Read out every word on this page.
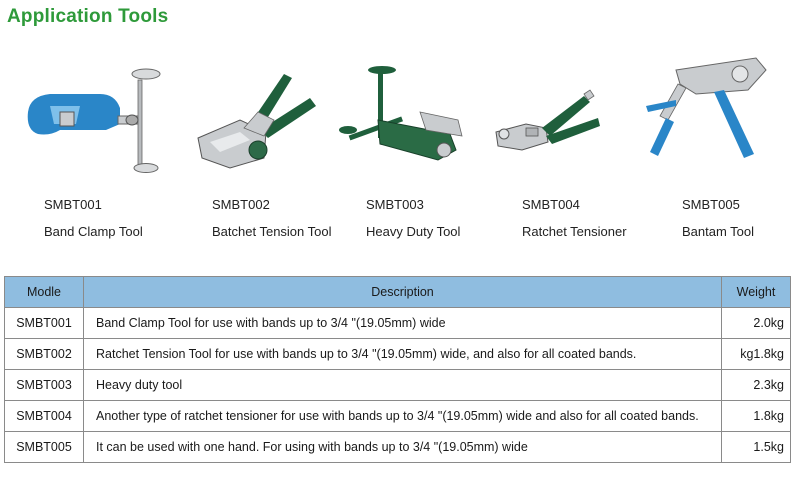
Application Tools
SMBT001
Band Clamp Tool
SMBT002
Batchet Tension Tool
SMBT003
Heavy Duty Tool
SMBT004
Ratchet Tensioner
SMBT005
Bantam Tool
Modle	Description	Weight
SMBT001	Band Clamp Tool for use with bands up to 3/4 "(19.05mm) wide	2.0kg
SMBT002	Ratchet Tension Tool for use with bands up to 3/4 "(19.05mm) wide, and also for all coated bands.	kg1.8kg
SMBT003	Heavy duty tool	2.3kg
SMBT004	Another type of ratchet tensioner for use with bands up to 3/4 "(19.05mm) wide and also for all coated bands.	1.8kg
SMBT005	It can be used with one hand. For using with bands up to 3/4 "(19.05mm) wide	1.5kg
